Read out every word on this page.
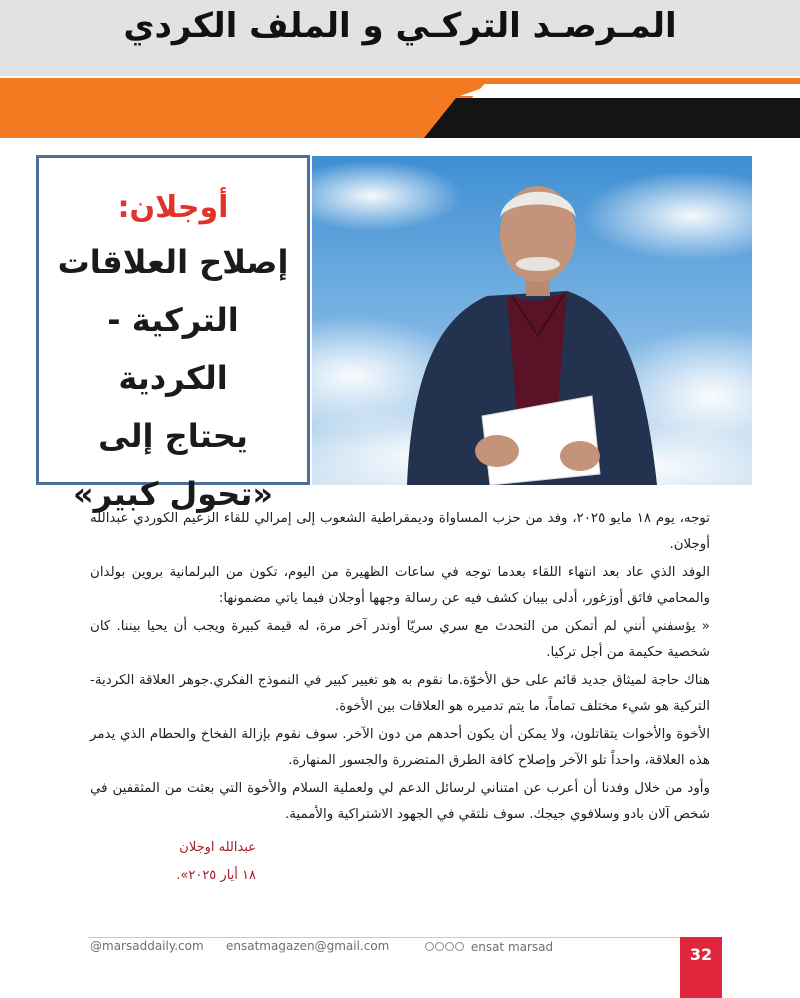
المـرصـد التركـي و الملف الكردي
أوجلان:
إصلاح العلاقات
التركية - الكردية
يحتاج إلى
«تحول كبير»

توجه، يوم ١٨ مايو ٢٠٢٥، وفد من حزب المساواة وديمقراطية الشعوب إلى إمرالي للقاء الزعيم الكوردي عبدالله أوجلان.

الوفد الذي عاد بعد انتهاء اللقاء بعدما توجه في ساعات الظهيرة من اليوم، تكون من البرلمانية بروين بولدان والمحامي فائق أوزغور، أدلى بيبان كشف فيه عن رسالة وجهها أوجلان فيما ياتي مضمونها:

« يؤسفني أنني لم أتمكن من التحدث مع سري سريّا أوندر آخر مرة، له قيمة كبيرة ويجب أن يحيا بيننا. كان شخصية حكيمة من أجل تركيا.

هناك حاجة لميثاق جديد قائم على حق الأخوّة.ما نقوم به هو تغيير كبير في النموذج الفكري.جوهر العلاقة الكردية- التركية هو شيء مختلف تماماً، ما يتم تدميره هو العلاقات بين الأخوة.

الأخوة والأخوات يتقاتلون، ولا يمكن أن يكون أحدهم من دون الآخر. سوف نقوم بإزالة الفخاخ والحطام الذي يدمر هذه العلاقة، واحداً تلو الآخر وإصلاح كافة الطرق المتضررة والجسور المنهارة.

وأود من خلال وفدنا أن أعرب عن امتناني لرسائل الدعم لي ولعملية السلام والأخوة التي بعثت من المثقفين في شخص آلان بادو وسلافوي جيجك. سوف نلتقي في الجهود الاشتراكية والأممية.

عبدالله اوجلان
١٨ أيار ٢٠٢٥».
@marsaddaily.com ensatmagazen@gmail.com	ensat marsad	32
